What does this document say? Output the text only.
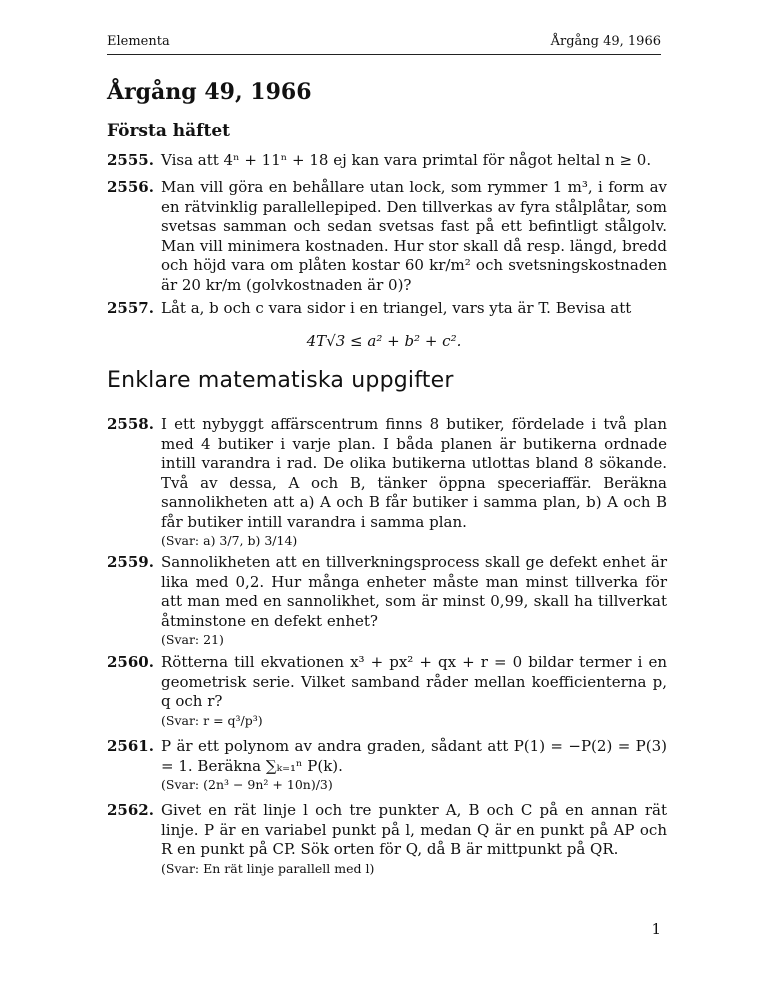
Elementa	Årgång 49, 1966
Årgång 49, 1966
Första häftet
2555. Visa att 4ⁿ + 11ⁿ + 18 ej kan vara primtal för något heltal n ≥ 0.
2556. Man vill göra en behållare utan lock, som rymmer 1 m³, i form av en rätvinklig parallellepiped. Den tillverkas av fyra stålplåtar, som svetsas samman och sedan svetsas fast på ett befintligt stålgolv. Man vill minimera kostnaden. Hur stor skall då resp. längd, bredd och höjd vara om plåten kostar 60 kr/m² och svetsningskostnaden är 20 kr/m (golvkostnaden är 0)?
2557. Låt a, b och c vara sidor i en triangel, vars yta är T. Bevisa att
4T√3 ≤ a² + b² + c².
Enklare matematiska uppgifter
2558. I ett nybyggt affärscentrum finns 8 butiker, fördelade i två plan med 4 butiker i varje plan. I båda planen är butikerna ordnade intill varandra i rad. De olika butikerna utlottas bland 8 sökande. Två av dessa, A och B, tänker öppna speceriaffär. Beräkna sannolikheten att a) A och B får butiker i samma plan, b) A och B får butiker intill varandra i samma plan.
(Svar: a) 3/7, b) 3/14)
2559. Sannolikheten att en tillverkningsprocess skall ge defekt enhet är lika med 0,2. Hur många enheter måste man minst tillverka för att man med en sannolikhet, som är minst 0,99, skall ha tillverkat åtminstone en defekt enhet?
(Svar: 21)
2560. Rötterna till ekvationen x³ + px² + qx + r = 0 bildar termer i en geometrisk serie. Vilket samband råder mellan koefficienterna p, q och r?
(Svar: r = q³/p³)
2561. P är ett polynom av andra graden, sådant att P(1) = −P(2) = P(3) = 1. Beräkna ∑ₖ₌₁ⁿ P(k).
(Svar: (2n³ − 9n² + 10n)/3)
2562. Givet en rät linje l och tre punkter A, B och C på en annan rät linje. P är en variabel punkt på l, medan Q är en punkt på AP och R en punkt på CP. Sök orten för Q, då B är mittpunkt på QR.
(Svar: En rät linje parallell med l)
1
